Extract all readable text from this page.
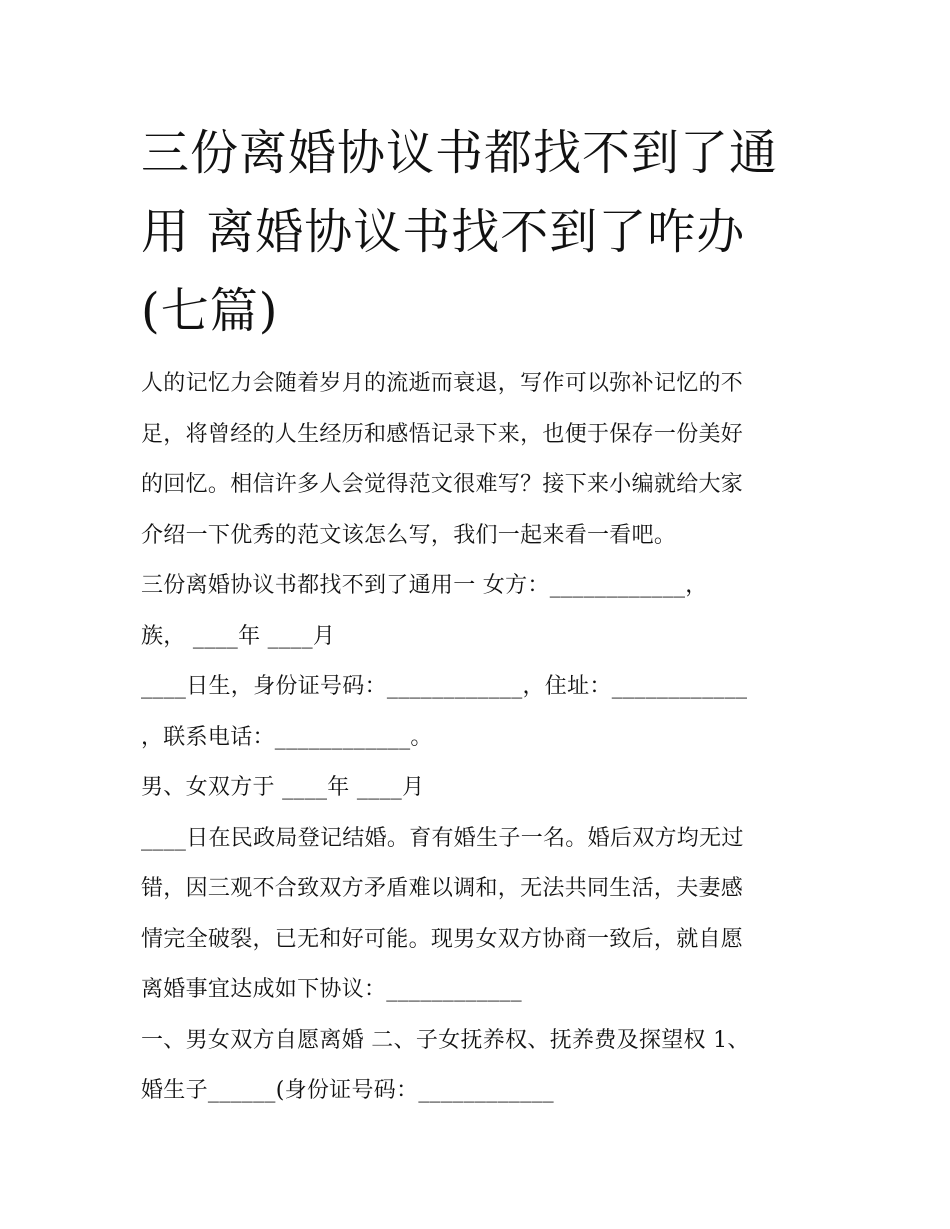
三份离婚协议书都找不到了通
用 离婚协议书找不到了咋办
(七篇)
人的记忆力会随着岁月的流逝而衰退，写作可以弥补记忆的不
足，将曾经的人生经历和感悟记录下来，也便于保存一份美好
的回忆。相信许多人会觉得范文很难写？接下来小编就给大家
介绍一下优秀的范文该怎么写，我们一起来看一看吧。
三份离婚协议书都找不到了通用一 女方：____________，
族， ____年 ____月
____日生，身份证号码：____________，住址：____________
，联系电话：____________。
男、女双方于 ____年 ____月
____日在民政局登记结婚。育有婚生子一名。婚后双方均无过
错，因三观不合致双方矛盾难以调和，无法共同生活，夫妻感
情完全破裂，已无和好可能。现男女双方协商一致后，就自愿
离婚事宜达成如下协议：____________
一、男女双方自愿离婚 二、子女抚养权、抚养费及探望权 1、
婚生子______(身份证号码：____________
